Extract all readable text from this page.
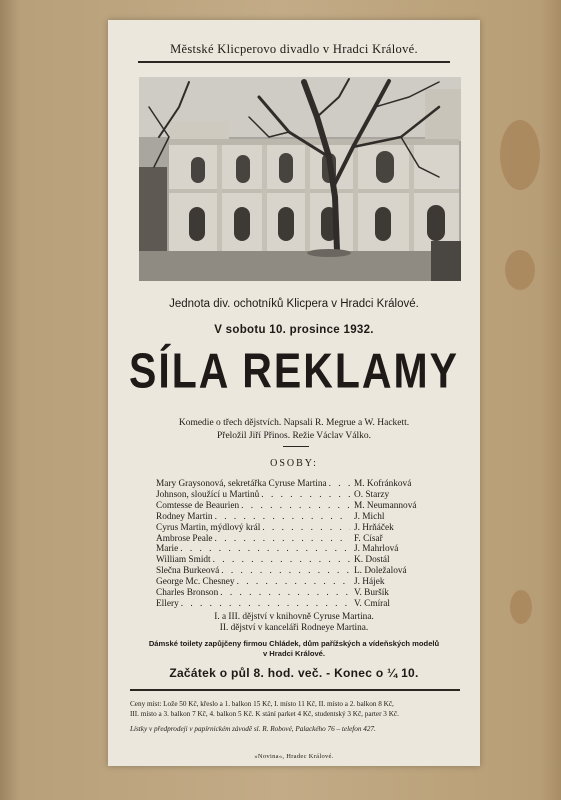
Městské Klicperovo divadlo v Hradci Králové.
Jednota div. ochotníků Klicpera v Hradci Králové.
V sobotu 10. prosince 1932.
SÍLA REKLAMY
Komedie o třech dějstvích. Napsali R. Megrue a W. Hackett.
Přeložil Jiří Přinos. Režie Václav Válko.
OSOBY:
Mary Graysonová, sekretářka Cyruse Martina . . .	M. Kofránková
Johnson, sloužící u Martinů . . .	O. Starzy
Comtesse de Beaurien . . .	M. Neumannová
Rodney Martin . . .	J. Michl
Cyrus Martin, mýdlový král . . .	J. Hrňáček
Ambrose Peale . . .	F. Císař
Marie . . .	J. Mahrlová
William Smidt . . .	K. Dostál
Slečna Burkeová . . .	L. Doležalová
George Mc. Chesney . . .	J. Hájek
Charles Bronson . . .	V. Buršík
Ellery . . .	V. Cmíral
I. a III. dějství v knihovně Cyruse Martina.
II. dějství v kanceláři Rodneye Martina.
Dámské toilety zapůjčeny firmou Chládek, dům pařížských a vídeňských modelů
v Hradci Králové.
Začátek o půl 8. hod. več. - Konec o ¼ 10.
Ceny míst: Lože 50 Kč, křeslo a 1. balkon 15 Kč, I. místo 11 Kč, II. místo a 2. balkon 8 Kč,
III. místo a 3. balkon 7 Kč, 4. balkon 5 Kč. K stání parket 4 Kč, studentský 3 Kč, parter 3 Kč.
Lístky v předprodeji v papírnickém závodě sl. R. Robové, Palackého 76 – telefon 427.
»Novina«, Hradec Králové.
